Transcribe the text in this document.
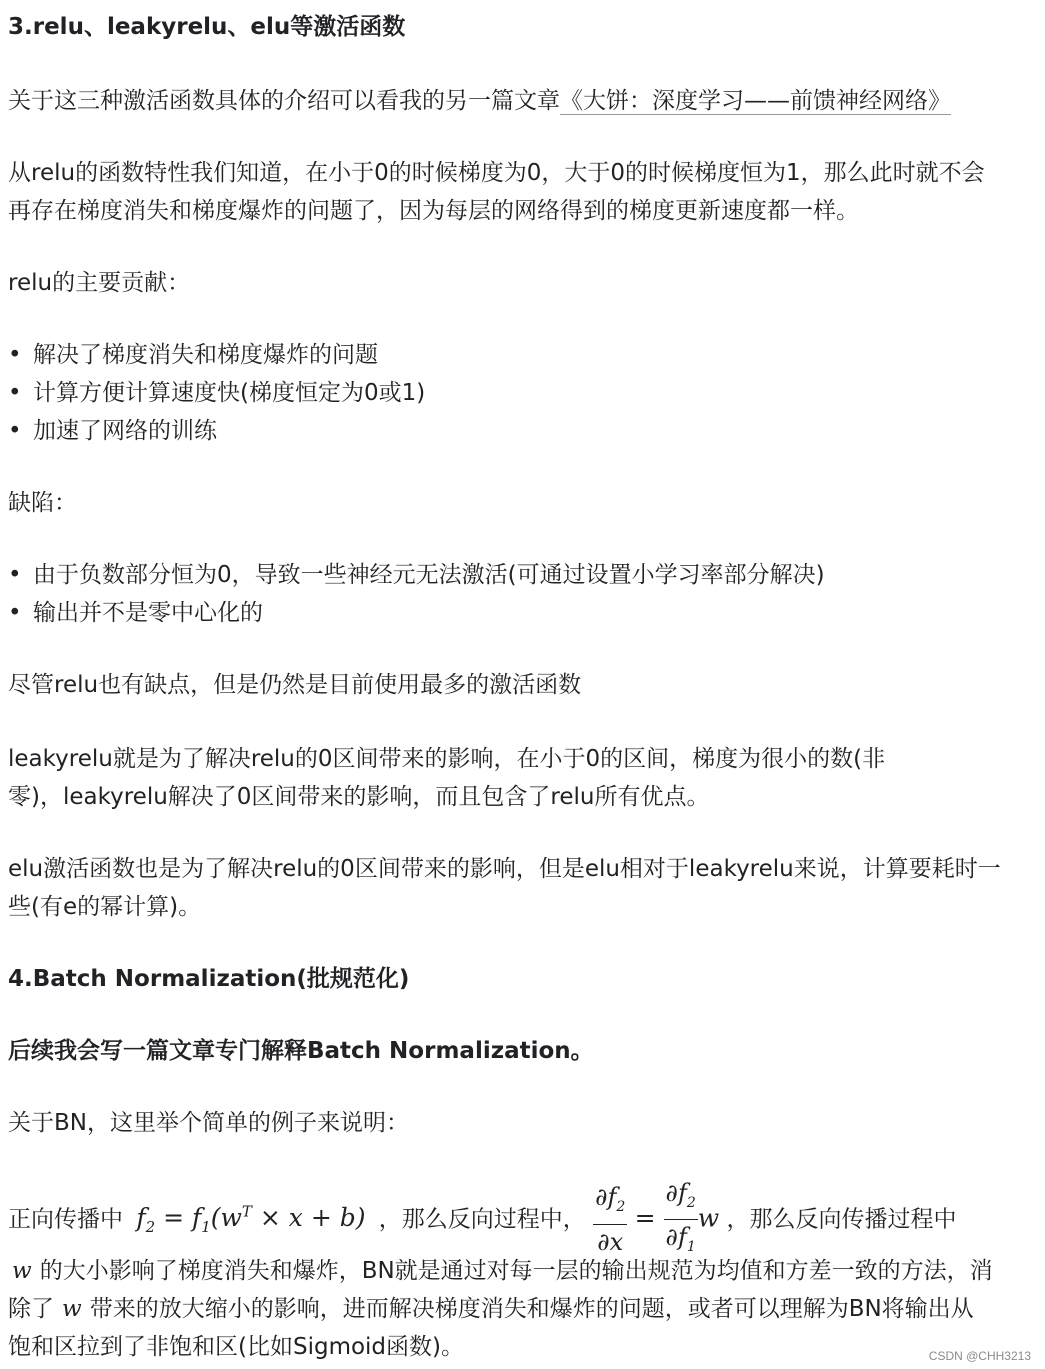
3.relu、leakyrelu、elu等激活函数
关于这三种激活函数具体的介绍可以看我的另一篇文章《大饼：深度学习——前馈神经网络》
从relu的函数特性我们知道，在小于0的时候梯度为0，大于0的时候梯度恒为1，那么此时就不会
再存在梯度消失和梯度爆炸的问题了，因为每层的网络得到的梯度更新速度都一样。
relu的主要贡献：
• 解决了梯度消失和梯度爆炸的问题
• 计算方便计算速度快(梯度恒定为0或1)
• 加速了网络的训练
缺陷：
• 由于负数部分恒为0，导致一些神经元无法激活(可通过设置小学习率部分解决)
• 输出并不是零中心化的
尽管relu也有缺点，但是仍然是目前使用最多的激活函数
leakyrelu就是为了解决relu的0区间带来的影响，在小于0的区间，梯度为很小的数(非
零)，leakyrelu解决了0区间带来的影响，而且包含了relu所有优点。
elu激活函数也是为了解决relu的0区间带来的影响，但是elu相对于leakyrelu来说，计算要耗时一
些(有e的幂计算)。
4.Batch Normalization(批规范化)
后续我会写一篇文章专门解释Batch Normalization。
关于BN，这里举个简单的例子来说明：
正向传播中 $f_2 = f_1(w^T \times x + b)$ ，那么反向过程中， $\frac{\partial f_2}{\partial x} = \frac{\partial f_2}{\partial f_1}$ w ，那么反向传播过程中
w 的大小影响了梯度消失和爆炸，BN就是通过对每一层的输出规范为均值和方差一致的方法，消
除了 w 带来的放大缩小的影响，进而解决梯度消失和爆炸的问题，或者可以理解为BN将输出从
饱和区拉到了非饱和区(比如Sigmoid函数)。	CSDN @CHH3213
